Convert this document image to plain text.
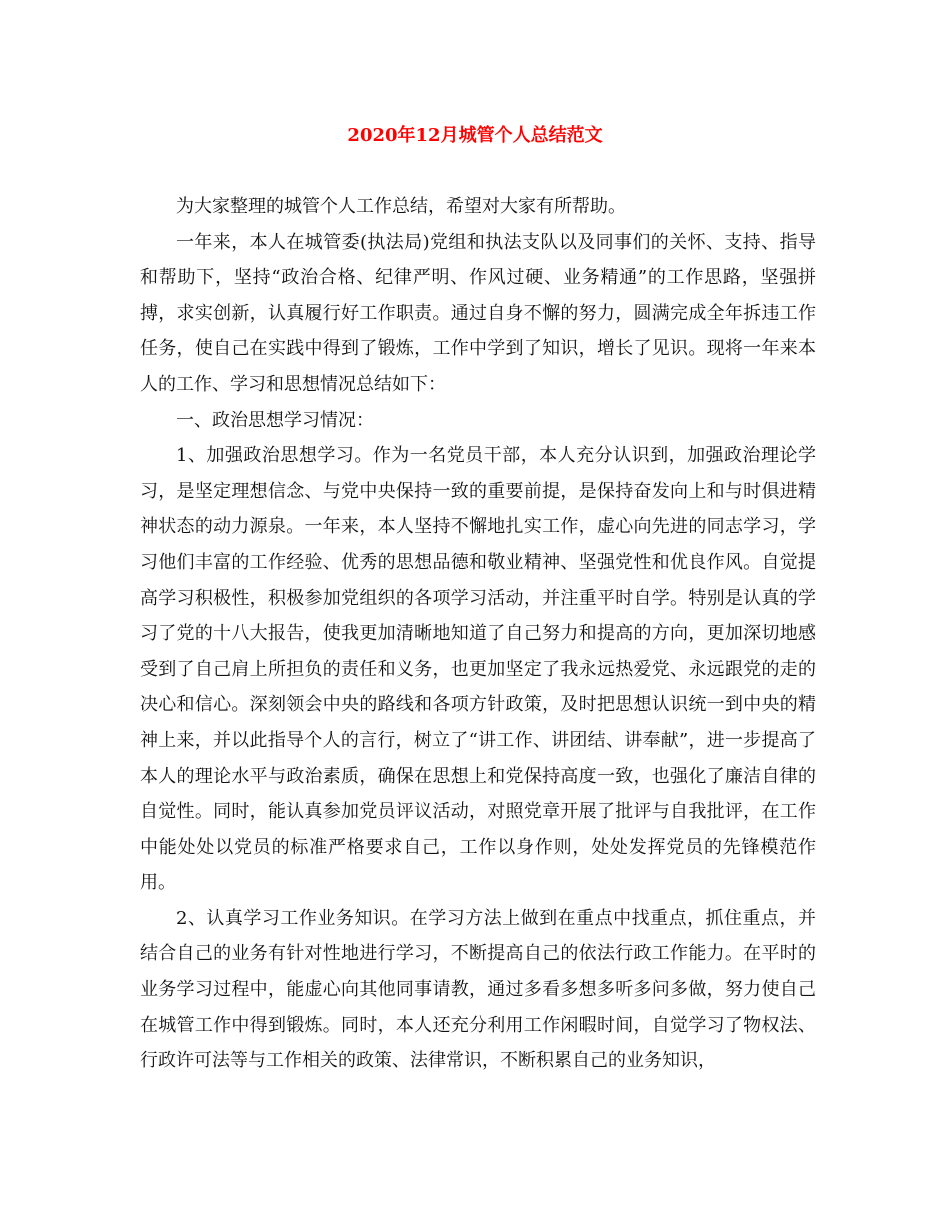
2020年12月城管个人总结范文

为大家整理的城管个人工作总结，希望对大家有所帮助。

一年来，本人在城管委(执法局)党组和执法支队以及同事们的关怀、支持、指导和帮助下，坚持“政治合格、纪律严明、作风过硬、业务精通”的工作思路，坚强拼搏，求实创新，认真履行好工作职责。通过自身不懈的努力，圆满完成全年拆违工作任务，使自己在实践中得到了锻炼，工作中学到了知识，增长了见识。现将一年来本人的工作、学习和思想情况总结如下：

一、政治思想学习情况：

1、加强政治思想学习。作为一名党员干部，本人充分认识到，加强政治理论学习，是坚定理想信念、与党中央保持一致的重要前提，是保持奋发向上和与时俱进精神状态的动力源泉。一年来，本人坚持不懈地扎实工作，虚心向先进的同志学习，学习他们丰富的工作经验、优秀的思想品德和敬业精神、坚强党性和优良作风。自觉提高学习积极性，积极参加党组织的各项学习活动，并注重平时自学。特别是认真的学习了党的十八大报告，使我更加清晰地知道了自己努力和提高的方向，更加深切地感受到了自己肩上所担负的责任和义务，也更加坚定了我永远热爱党、永远跟党的走的决心和信心。深刻领会中央的路线和各项方针政策，及时把思想认识统一到中央的精神上来，并以此指导个人的言行，树立了“讲工作、讲团结、讲奉献”，进一步提高了本人的理论水平与政治素质，确保在思想上和党保持高度一致，也强化了廉洁自律的自觉性。同时，能认真参加党员评议活动，对照党章开展了批评与自我批评，在工作中能处处以党员的标准严格要求自己，工作以身作则，处处发挥党员的先锋模范作用。

2、认真学习工作业务知识。在学习方法上做到在重点中找重点，抓住重点，并结合自己的业务有针对性地进行学习，不断提高自己的依法行政工作能力。在平时的业务学习过程中，能虚心向其他同事请教，通过多看多想多听多问多做，努力使自己在城管工作中得到锻炼。同时，本人还充分利用工作闲暇时间，自觉学习了物权法、行政许可法等与工作相关的政策、法律常识，不断积累自己的业务知识，
